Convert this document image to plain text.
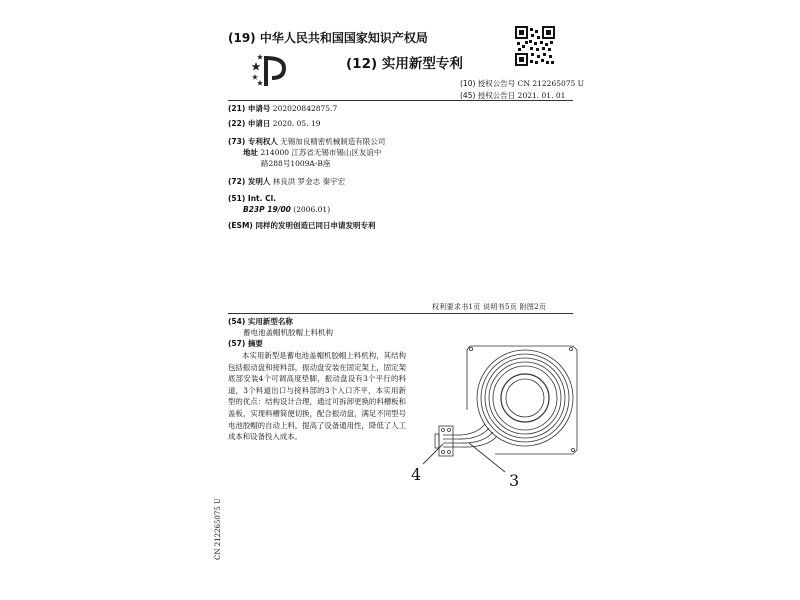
(19) 中华人民共和国国家知识产权局
(12) 实用新型专利
(10) 授权公告号 CN 212265075 U
(45) 授权公告日 2021. 01. 01
(21) 申请号 202020842875.7
(22) 申请日 2020. 05. 19
(73) 专利权人 无锡加良精密机械制造有限公司
地址 214000 江苏省无锡市锡山区友谊中
路288号1009A-B座
(72) 发明人 林良洪 罗金志 秦宇宏
(51) Int. Cl.
B23P 19/00 (2006.01)
(ESM) 同样的发明创造已同日申请发明专利
权利要求书1页 说明书5页 附图2页
(54) 实用新型名称
蓄电池盖帽机胶帽上料机构
(57) 摘要
本实用新型是蓄电池盖帽机胶帽上料机构，其结构包括振动盘和接料部，振动盘安装在固定架上，固定架底部安装4个可调高度垫脚，振动盘设有3个平行的料道，3个料道出口与接料部的3个入口齐平，本实用新型的优点：结构设计合理，通过可拆卸更换的料槽板和盖板，实现料槽简便切换，配合振动盘，满足不同型号电池胶帽的自动上料，提高了设备通用性，降低了人工成本和设备投入成本。
4	3
CN 212265075 U
